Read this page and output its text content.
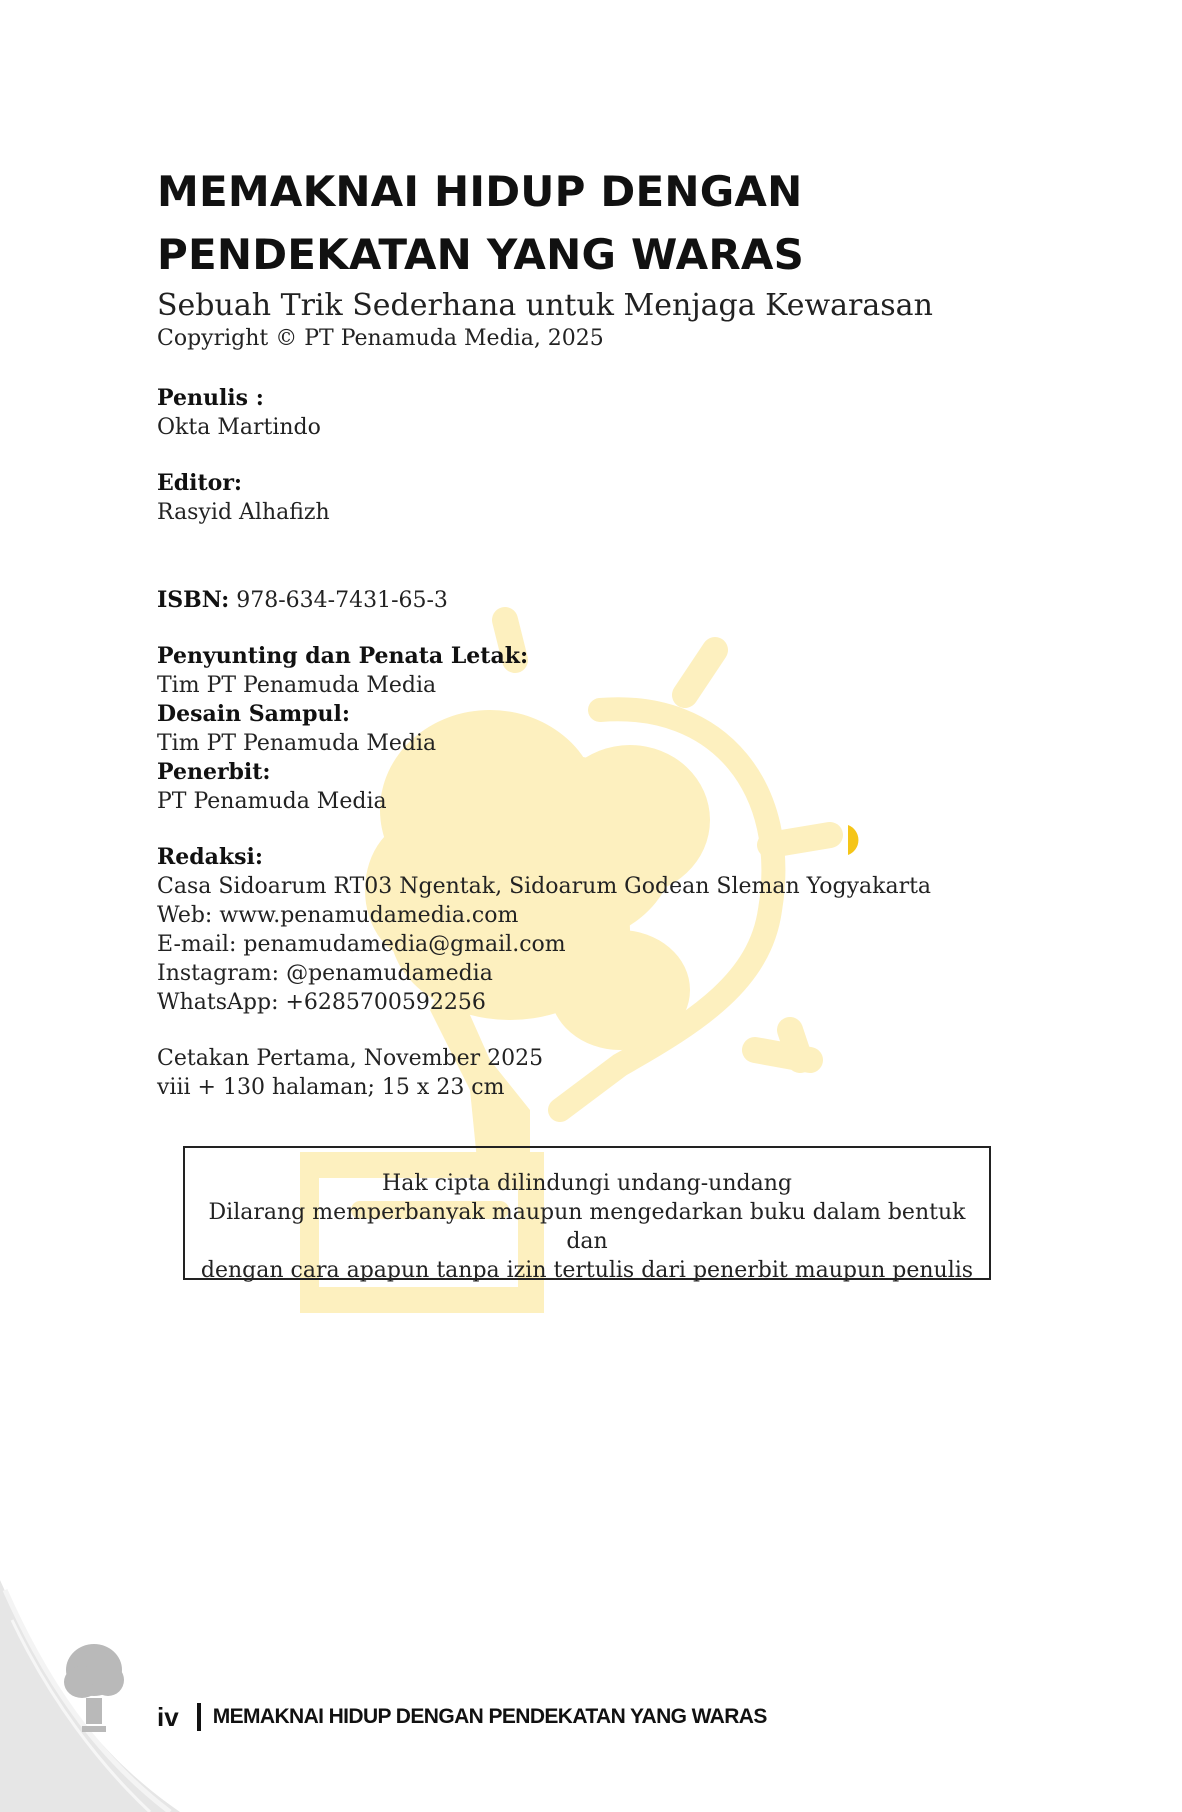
MEMAKNAI HIDUP DENGAN
PENDEKATAN YANG WARAS
Sebuah Trik Sederhana untuk Menjaga Kewarasan
Copyright © PT Penamuda Media, 2025
Penulis :
Okta Martindo
Editor:
Rasyid Alhafizh
ISBN: 978-634-7431-65-3
Penyunting dan Penata Letak:
Tim PT Penamuda Media
Desain Sampul:
Tim PT Penamuda Media
Penerbit:
PT Penamuda Media
Redaksi:
Casa Sidoarum RT03 Ngentak, Sidoarum Godean Sleman Yogyakarta
Web: www.penamudamedia.com
E-mail: penamudamedia@gmail.com
Instagram: @penamudamedia
WhatsApp: +6285700592256
Cetakan Pertama, November 2025
viii + 130 halaman; 15 x 23 cm
Hak cipta dilindungi undang-undang
Dilarang memperbanyak maupun mengedarkan buku dalam bentuk dan
dengan cara apapun tanpa izin tertulis dari penerbit maupun penulis
iv MEMAKNAI HIDUP DENGAN PENDEKATAN YANG WARAS
